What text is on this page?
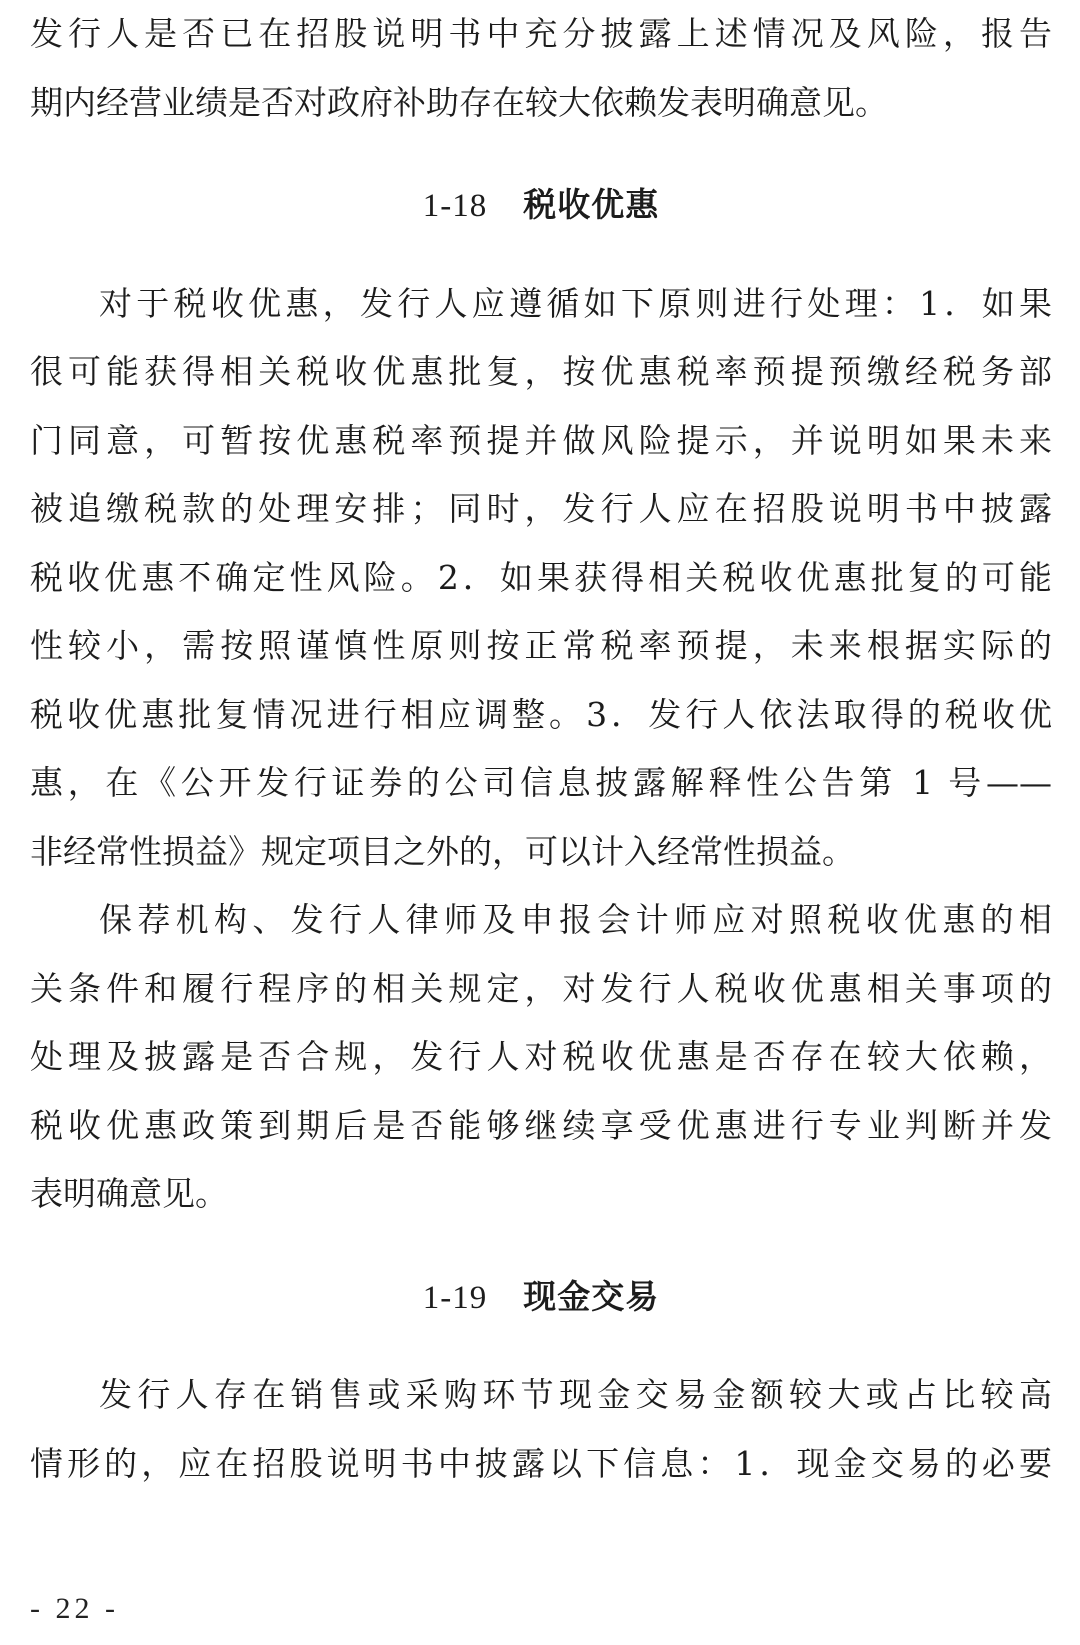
发行人是否已在招股说明书中充分披露上述情况及风险，报告
期内经营业绩是否对政府补助存在较大依赖发表明确意见。
1-18 税收优惠
对于税收优惠，发行人应遵循如下原则进行处理：1．如果
很可能获得相关税收优惠批复，按优惠税率预提预缴经税务部
门同意，可暂按优惠税率预提并做风险提示，并说明如果未来
被追缴税款的处理安排；同时，发行人应在招股说明书中披露
税收优惠不确定性风险。2．如果获得相关税收优惠批复的可能
性较小，需按照谨慎性原则按正常税率预提，未来根据实际的
税收优惠批复情况进行相应调整。3．发行人依法取得的税收优
惠，在《公开发行证券的公司信息披露解释性公告第 1 号——
非经常性损益》规定项目之外的，可以计入经常性损益。
保荐机构、发行人律师及申报会计师应对照税收优惠的相
关条件和履行程序的相关规定，对发行人税收优惠相关事项的
处理及披露是否合规，发行人对税收优惠是否存在较大依赖，
税收优惠政策到期后是否能够继续享受优惠进行专业判断并发
表明确意见。
1-19 现金交易
发行人存在销售或采购环节现金交易金额较大或占比较高
情形的，应在招股说明书中披露以下信息：1．现金交易的必要
- 22 -
